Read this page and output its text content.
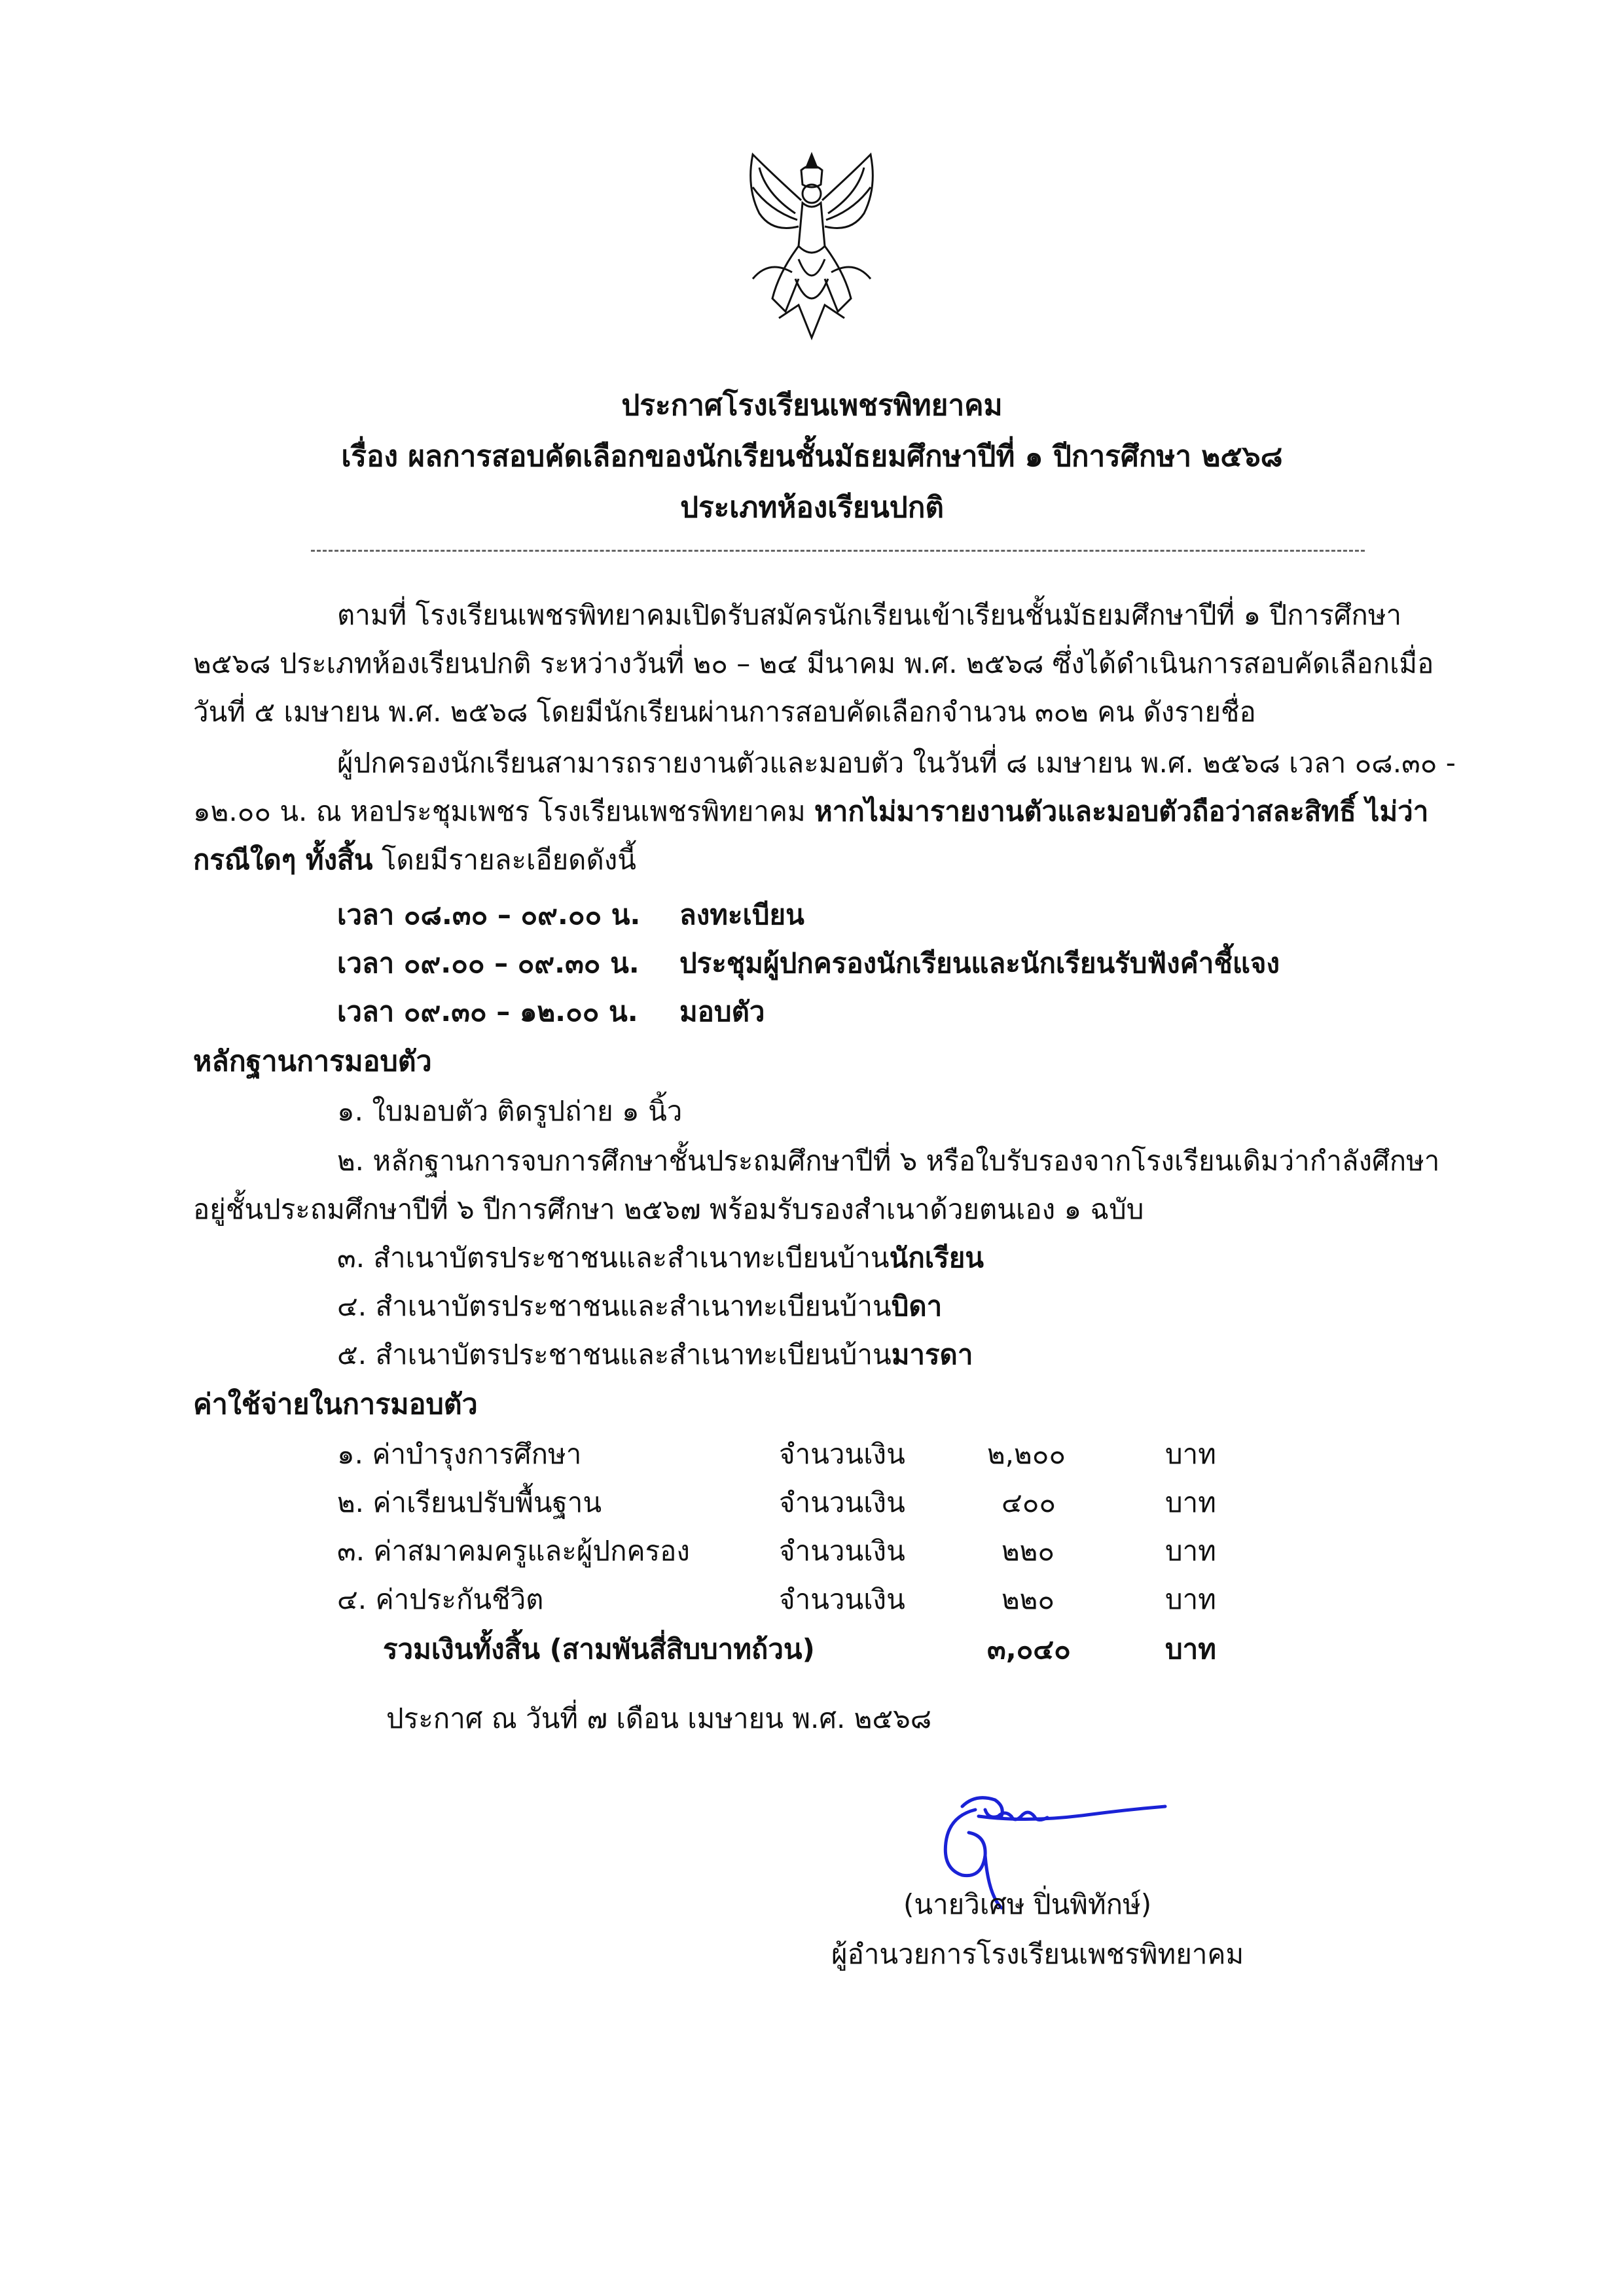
ประกาศโรงเรียนเพชรพิทยาคม
เรื่อง ผลการสอบคัดเลือกของนักเรียนชั้นมัธยมศึกษาปีที่ ๑ ปีการศึกษา ๒๕๖๘
ประเภทห้องเรียนปกติ
ตามที่ โรงเรียนเพชรพิทยาคมเปิดรับสมัครนักเรียนเข้าเรียนชั้นมัธยมศึกษาปีที่ ๑ ปีการศึกษา
๒๕๖๘ ประเภทห้องเรียนปกติ ระหว่างวันที่ ๒๐ – ๒๔ มีนาคม พ.ศ. ๒๕๖๘ ซึ่งได้ดำเนินการสอบคัดเลือกเมื่อ
วันที่ ๕ เมษายน พ.ศ. ๒๕๖๘ โดยมีนักเรียนผ่านการสอบคัดเลือกจำนวน ๓๐๒ คน ดังรายชื่อ
ผู้ปกครองนักเรียนสามารถรายงานตัวและมอบตัว ในวันที่ ๘ เมษายน พ.ศ. ๒๕๖๘ เวลา ๐๘.๓๐ -
๑๒.๐๐ น. ณ หอประชุมเพชร โรงเรียนเพชรพิทยาคม หากไม่มารายงานตัวและมอบตัวถือว่าสละสิทธิ์ ไม่ว่า
กรณีใดๆ ทั้งสิ้น โดยมีรายละเอียดดังนี้
เวลา ๐๘.๓๐ – ๐๙.๐๐ น. ลงทะเบียน
เวลา ๐๙.๐๐ – ๐๙.๓๐ น. ประชุมผู้ปกครองนักเรียนและนักเรียนรับฟังคำชี้แจง
เวลา ๐๙.๓๐ – ๑๒.๐๐ น. มอบตัว
หลักฐานการมอบตัว
๑. ใบมอบตัว ติดรูปถ่าย ๑ นิ้ว
๒. หลักฐานการจบการศึกษาชั้นประถมศึกษาปีที่ ๖ หรือใบรับรองจากโรงเรียนเดิมว่ากำลังศึกษา
อยู่ชั้นประถมศึกษาปีที่ ๖ ปีการศึกษา ๒๕๖๗ พร้อมรับรองสำเนาด้วยตนเอง ๑ ฉบับ
๓. สำเนาบัตรประชาชนและสำเนาทะเบียนบ้านนักเรียน
๔. สำเนาบัตรประชาชนและสำเนาทะเบียนบ้านบิดา
๕. สำเนาบัตรประชาชนและสำเนาทะเบียนบ้านมารดา
ค่าใช้จ่ายในการมอบตัว
๑. ค่าบำรุงการศึกษา	จำนวนเงิน	๒,๒๐๐	บาท
๒. ค่าเรียนปรับพื้นฐาน	จำนวนเงิน	๔๐๐	บาท
๓. ค่าสมาคมครูและผู้ปกครอง	จำนวนเงิน	๒๒๐	บาท
๔. ค่าประกันชีวิต	จำนวนเงิน	๒๒๐	บาท
รวมเงินทั้งสิ้น (สามพันสี่สิบบาทถ้วน)	๓,๐๔๐	บาท
ประกาศ ณ วันที่ ๗ เดือน เมษายน พ.ศ. ๒๕๖๘
(นายวิเศษ ปิ่นพิทักษ์)
ผู้อำนวยการโรงเรียนเพชรพิทยาคม
